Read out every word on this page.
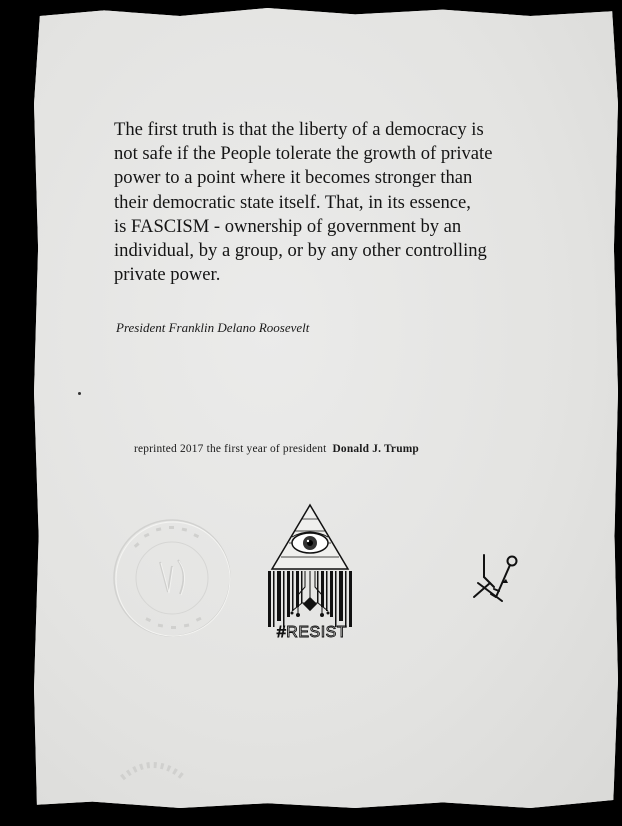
The first truth is that the liberty of a democracy is
not safe if the People tolerate the growth of private
power to a point where it becomes stronger than
their democratic state itself. That, in its essence,
is FASCISM - ownership of government by an
individual, by a group, or by any other controlling
private power.

President Franklin Delano Roosevelt

reprinted 2017 the first year of president Donald J. Trump

#RESIST
